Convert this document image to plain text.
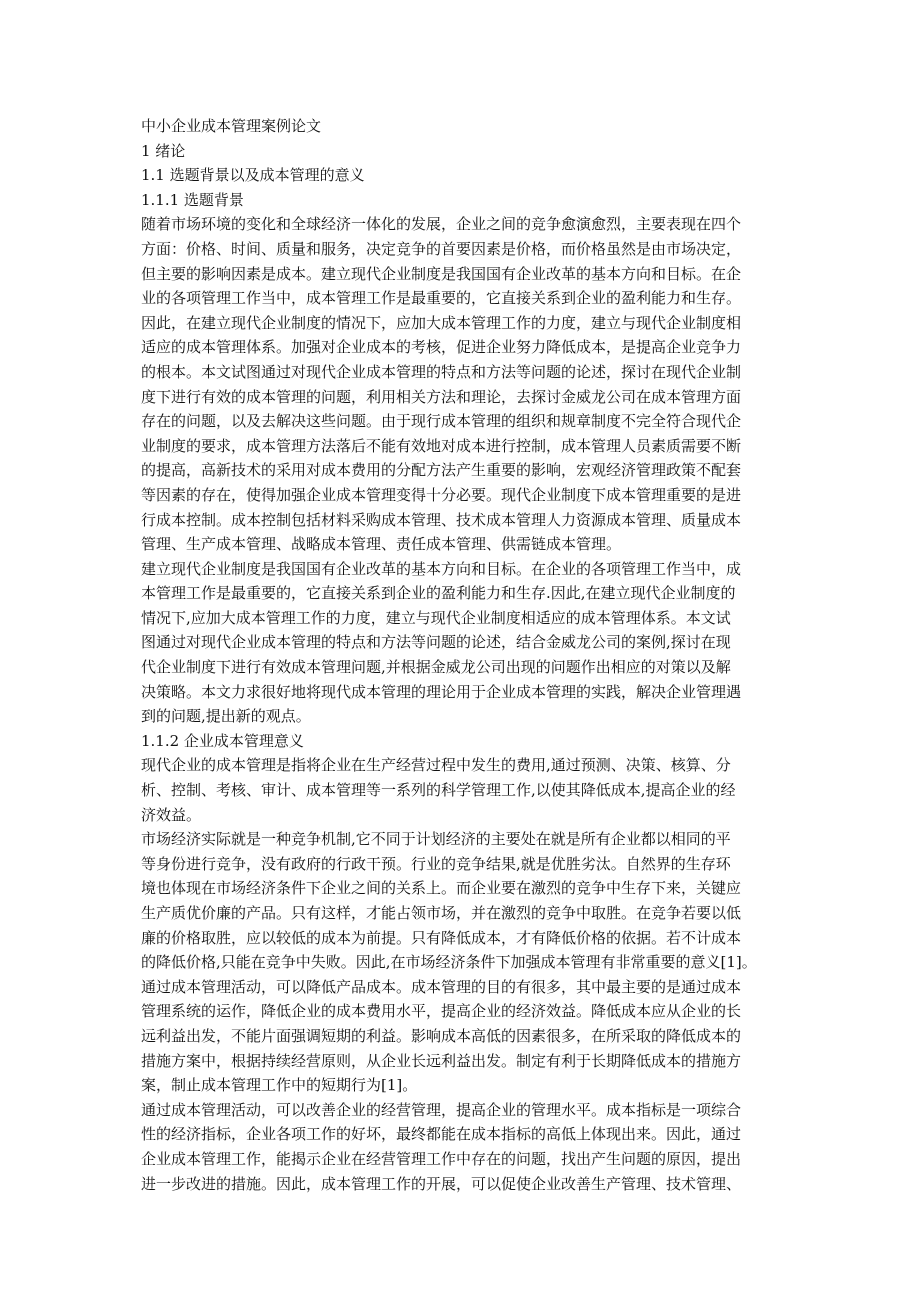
中小企业成本管理案例论文
1 绪论
1.1 选题背景以及成本管理的意义
1.1.1 选题背景
随着市场环境的变化和全球经济一体化的发展，企业之间的竞争愈演愈烈，主要表现在四个
方面：价格、时间、质量和服务，决定竞争的首要因素是价格，而价格虽然是由市场决定，
但主要的影响因素是成本。建立现代企业制度是我国国有企业改革的基本方向和目标。在企
业的各项管理工作当中，成本管理工作是最重要的，它直接关系到企业的盈利能力和生存。
因此，在建立现代企业制度的情况下，应加大成本管理工作的力度，建立与现代企业制度相
适应的成本管理体系。加强对企业成本的考核，促进企业努力降低成本，是提高企业竞争力
的根本。本文试图通过对现代企业成本管理的特点和方法等问题的论述，探讨在现代企业制
度下进行有效的成本管理的问题，利用相关方法和理论，去探讨金威龙公司在成本管理方面
存在的问题，以及去解决这些问题。由于现行成本管理的组织和规章制度不完全符合现代企
业制度的要求，成本管理方法落后不能有效地对成本进行控制，成本管理人员素质需要不断
的提高，高新技术的采用对成本费用的分配方法产生重要的影响，宏观经济管理政策不配套
等因素的存在，使得加强企业成本管理变得十分必要。现代企业制度下成本管理重要的是进
行成本控制。成本控制包括材料采购成本管理、技术成本管理人力资源成本管理、质量成本
管理、生产成本管理、战略成本管理、责任成本管理、供需链成本管理。
建立现代企业制度是我国国有企业改革的基本方向和目标。在企业的各项管理工作当中，成
本管理工作是最重要的，它直接关系到企业的盈利能力和生存.因此,在建立现代企业制度的
情况下,应加大成本管理工作的力度，建立与现代企业制度相适应的成本管理体系。本文试
图通过对现代企业成本管理的特点和方法等问题的论述，结合金威龙公司的案例,探讨在现
代企业制度下进行有效成本管理问题,并根据金威龙公司出现的问题作出相应的对策以及解
决策略。本文力求很好地将现代成本管理的理论用于企业成本管理的实践，解决企业管理遇
到的问题,提出新的观点。
1.1.2 企业成本管理意义
现代企业的成本管理是指将企业在生产经营过程中发生的费用,通过预测、决策、核算、分
析、控制、考核、审计、成本管理等一系列的科学管理工作,以使其降低成本,提高企业的经
济效益。
市场经济实际就是一种竞争机制,它不同于计划经济的主要处在就是所有企业都以相同的平
等身份进行竞争，没有政府的行政干预。行业的竞争结果,就是优胜劣汰。自然界的生存环
境也体现在市场经济条件下企业之间的关系上。而企业要在激烈的竞争中生存下来，关键应
生产质优价廉的产品。只有这样，才能占领市场，并在激烈的竞争中取胜。在竞争若要以低
廉的价格取胜，应以较低的成本为前提。只有降低成本，才有降低价格的依据。若不计成本
的降低价格,只能在竞争中失败。因此,在市场经济条件下加强成本管理有非常重要的意义[1]。
通过成本管理活动，可以降低产品成本。成本管理的目的有很多，其中最主要的是通过成本
管理系统的运作，降低企业的成本费用水平，提高企业的经济效益。降低成本应从企业的长
远利益出发，不能片面强调短期的利益。影响成本高低的因素很多，在所采取的降低成本的
措施方案中，根据持续经营原则，从企业长远利益出发。制定有利于长期降低成本的措施方
案，制止成本管理工作中的短期行为[1]。
通过成本管理活动，可以改善企业的经营管理，提高企业的管理水平。成本指标是一项综合
性的经济指标，企业各项工作的好坏，最终都能在成本指标的高低上体现出来。因此，通过
企业成本管理工作，能揭示企业在经营管理工作中存在的问题，找出产生问题的原因，提出
进一步改进的措施。因此，成本管理工作的开展，可以促使企业改善生产管理、技术管理、
